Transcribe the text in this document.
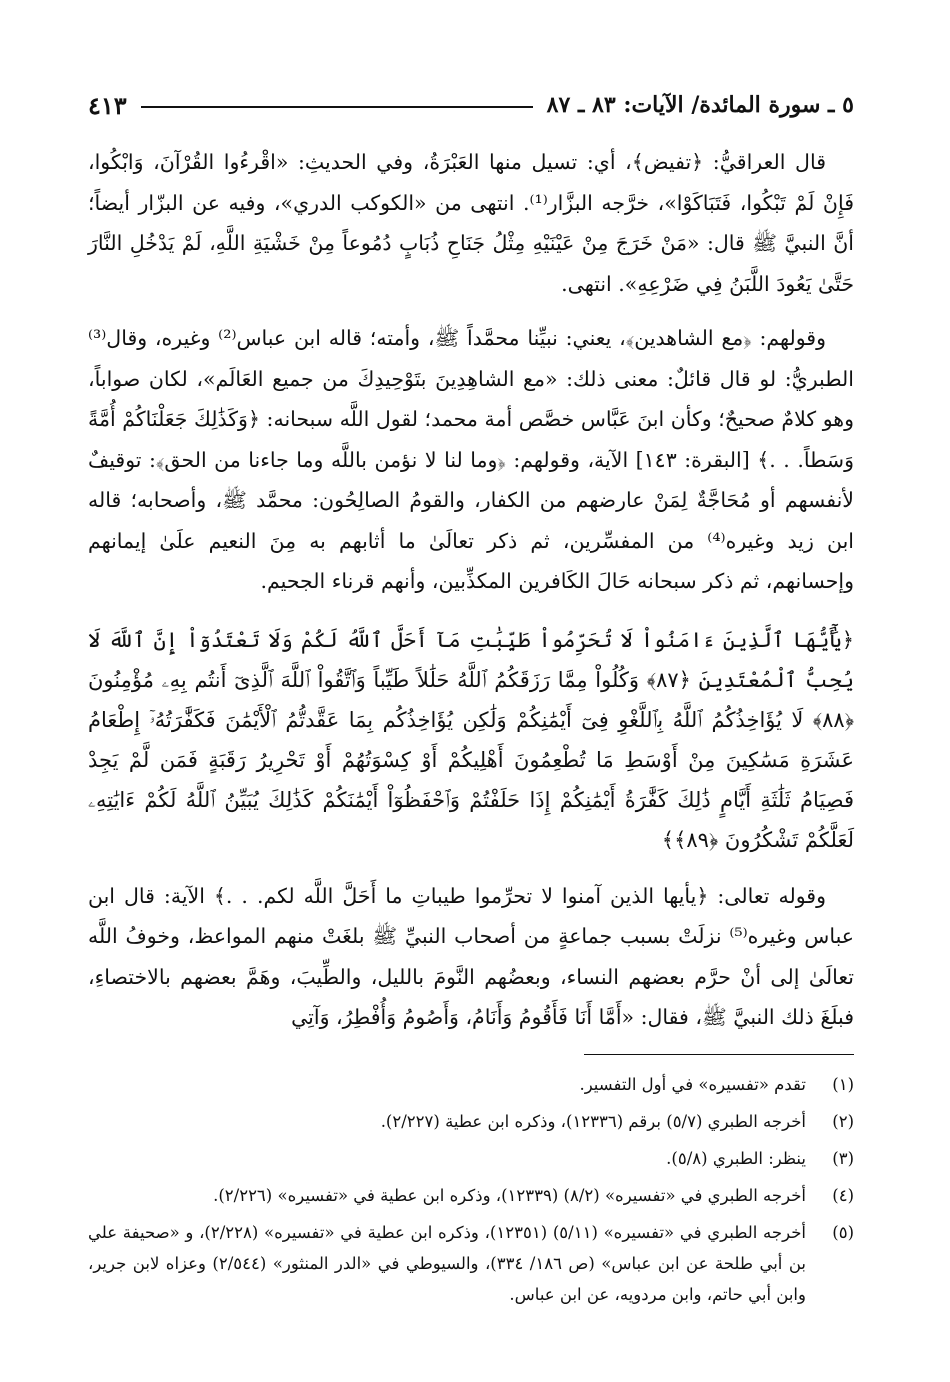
٥ ـ سورة المائدة/ الآيات: ٨٣ ـ ٨٧
٤١٣

قال العراقيُّ: ﴿تفيض﴾، أي: تسيل منها العَبْرَةُ، وفي الحديثِ: «اقْرءُوا القُرْآنَ، وَابْكُوا، فَإِنْ لَمْ تَبْكُوا، فَتَبَاكَوْا»، خرَّجه البزَّار⁽¹⁾. انتهى من «الكوكب الدري»، وفيه عن البزّار أيضاً؛ أنَّ النبيَّ ﷺ قال: «مَنْ خَرَجَ مِنْ عَيْنَيْهِ مِثْلُ جَنَاحِ ذُبَابٍ دُمُوعاً مِنْ خَشْيَةِ اللَّهِ، لَمْ يَدْخُلِ النَّارَ حَتَّىٰ يَعُودَ اللَّبَنُ فِي ضَرْعِهِ». انتهى.

وقولهم: ﴿مع الشاهدين﴾، يعني: نبيِّنا محمَّداً ﷺ، وأمته؛ قاله ابن عباس⁽²⁾ وغيره، وقال⁽³⁾ الطبريُّ: لو قال قائلٌ: معنى ذلك: «مع الشاهِدِينَ بتَوْحِيدِكَ من جميع العَالَم»، لكان صواباً، وهو كلامٌ صحيحٌ؛ وكأن ابنَ عَبَّاس خصَّص أمة محمد؛ لقول اللَّه سبحانه: ﴿وَكَذَٰلِكَ جَعَلْنَاكُمْ أُمَّةً وَسَطاً. . .﴾ [البقرة: ١٤٣] الآية، وقولهم: ﴿وما لنا لا نؤمن باللَّه وما جاءنا من الحق﴾: توقيفٌ لأنفسهم أو مُحَاجَّةٌ لِمَنْ عارضهم من الكفار، والقومُ الصالِحُون: محمَّد ﷺ، وأصحابه؛ قاله ابن زيد وغيره⁽⁴⁾ من المفسِّرين، ثم ذكر تعالَىٰ ما أثابهم به مِنَ النعيم علَىٰ إيمانهم وإحسانهم، ثم ذكر سبحانه حَالَ الكَافرين المكذِّبين، وأنهم قرناء الجحيم.

﴿يَٰٓأَيُّهَا ٱلَّذِينَ ءَامَنُواْ لَا تُحَرِّمُواْ طَيِّبَٰتِ مَآ أَحَلَّ ٱللَّهُ لَكُمْ وَلَا تَعْتَدُوٓاْ إِنَّ ٱللَّهَ لَا يُحِبُّ ٱلْمُعْتَدِينَ ﴿٨٧﴾ وَكُلُواْ مِمَّا رَزَقَكُمُ ٱللَّهُ حَلَٰلاً طَيِّباً وَٱتَّقُواْ ٱللَّهَ ٱلَّذِىٓ أَنتُم بِهِۦ مُؤْمِنُونَ ﴿٨٨﴾ لَا يُؤَاخِذُكُمُ ٱللَّهُ بِٱللَّغْوِ فِىٓ أَيْمَٰنِكُمْ وَلَٰكِن يُؤَاخِذُكُم بِمَا عَقَّدتُّمُ ٱلْأَيْمَٰنَ فَكَفَّٰرَتُهُۥٓ إِطْعَامُ عَشَرَةِ مَسَٰكِينَ مِنْ أَوْسَطِ مَا تُطْعِمُونَ أَهْلِيكُمْ أَوْ كِسْوَتُهُمْ أَوْ تَحْرِيرُ رَقَبَةٍ فَمَن لَّمْ يَجِدْ فَصِيَامُ ثَلَٰثَةِ أَيَّامٍ ذَٰلِكَ كَفَّٰرَةُ أَيْمَٰنِكُمْ إِذَا حَلَفْتُمْ وَٱحْفَظُوٓاْ أَيْمَٰنَكُمْ كَذَٰلِكَ يُبَيِّنُ ٱللَّهُ لَكُمْ ءَايَٰتِهِۦ لَعَلَّكُمْ تَشْكُرُونَ ﴿٨٩﴾﴾

وقوله تعالى: ﴿يأيها الذين آمنوا لا تحرِّموا طيباتِ ما أَحَلَّ اللَّه لكم. . .﴾ الآية: قال ابن عباس وغيره⁽⁵⁾ نزلَتْ بسبب جماعةٍ من أصحاب النبيِّ ﷺ بلغَتْ منهم المواعظ، وخوفُ اللَّه تعالَىٰ إلى أنْ حرَّم بعضهم النساء، وبعضُهم النَّومَ بالليل، والطِّيبَ، وهَمَّ بعضهم بالاختصاءِ، فبلَغَ ذلك النبيَّ ﷺ، فقال: «أَمَّا أَنَا فَأَقُومُ وَأَنَامُ، وَأَصُومُ وَأُفْطِرُ، وَآتِي

(١)
تقدم «تفسيره» في أول التفسير.
(٢)
أخرجه الطبري (٥/٧) برقم (١٢٣٣٦)، وذكره ابن عطية (٢/٢٢٧).
(٣)
ينظر: الطبري (٥/٨).
(٤)
أخرجه الطبري في «تفسيره» (٨/٢) (١٢٣٣٩)، وذكره ابن عطية في «تفسيره» (٢/٢٢٦).
(٥)
أخرجه الطبري في «تفسيره» (٥/١١) (١٢٣٥١)، وذكره ابن عطية في «تفسيره» (٢/٢٢٨)، و «صحيفة علي بن أبي طلحة عن ابن عباس» (ص ١٨٦/ ٣٣٤)، والسيوطي في «الدر المنثور» (٢/٥٤٤) وعزاه لابن جرير، وابن أبي حاتم، وابن مردويه، عن ابن عباس.
